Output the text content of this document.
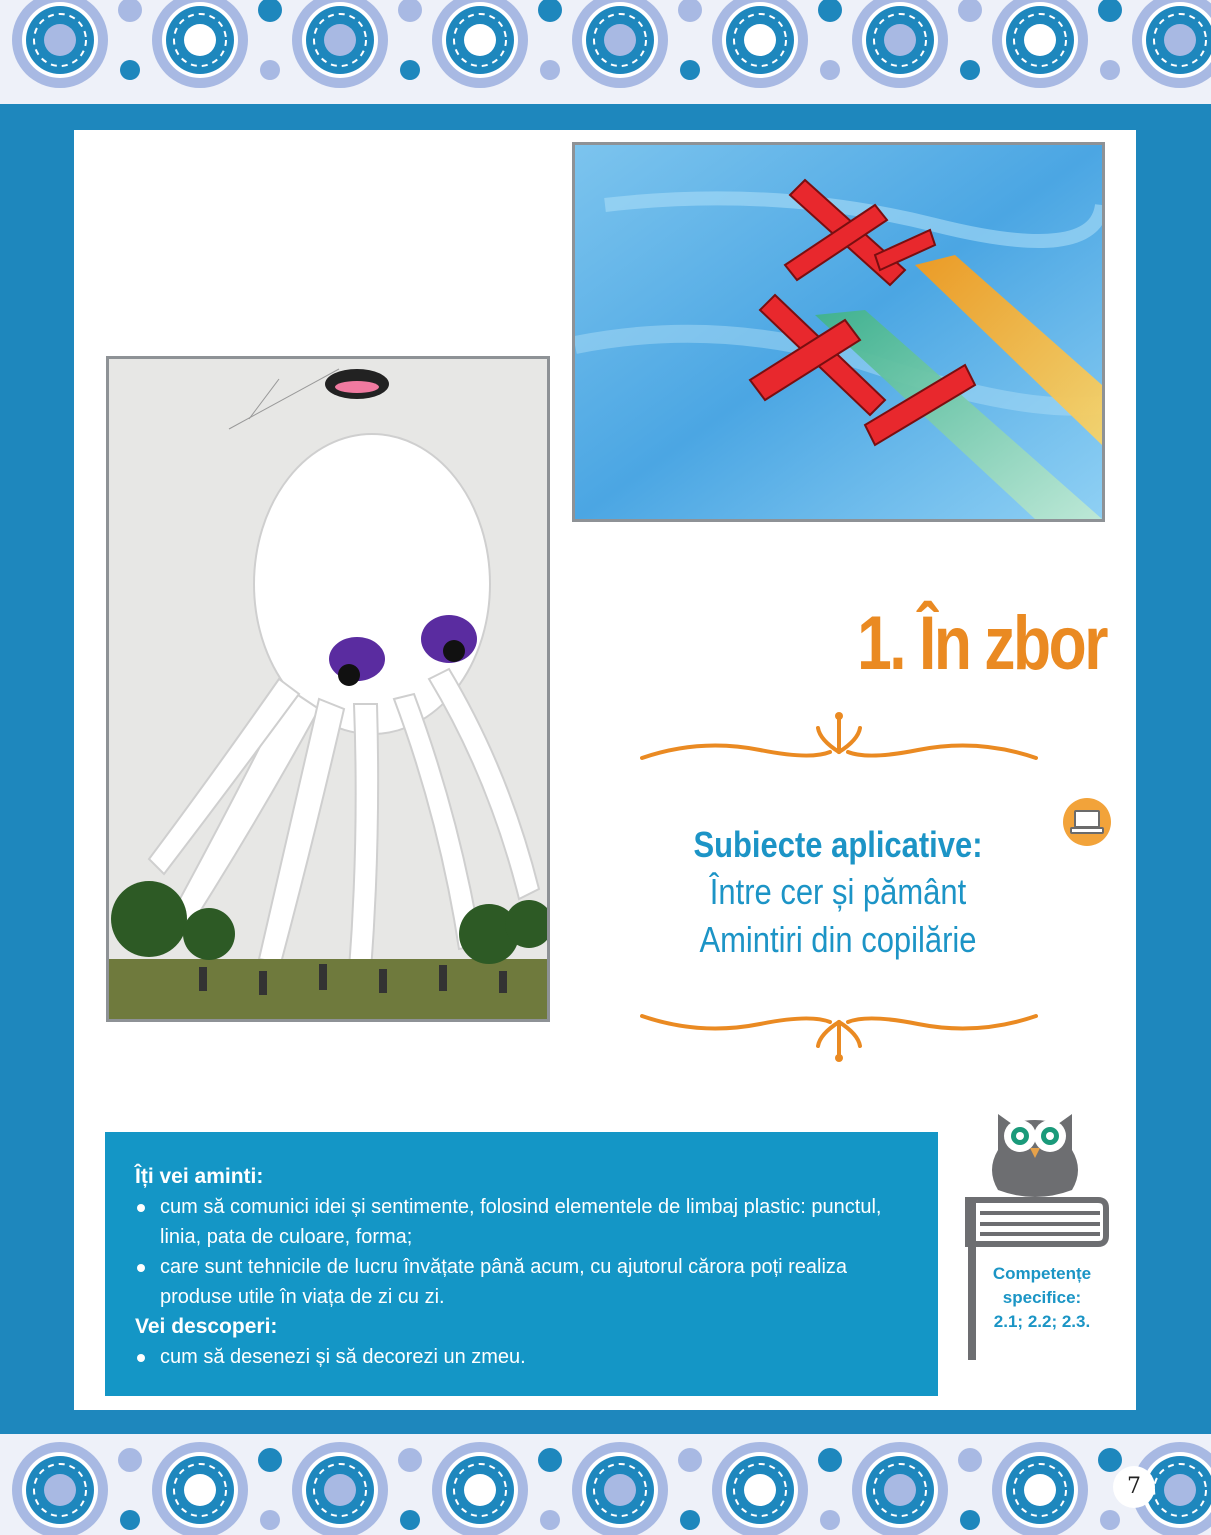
1. În zbor
Subiecte aplicative:
Între cer și pământ
Amintiri din copilărie
Îți vei aminti:
cum să comunici idei și sentimente, folosind elementele de limbaj plastic: punctul, linia, pata de culoare, forma;
care sunt tehnicile de lucru învățate până acum, cu ajutorul cărora poți realiza produse utile în viața de zi cu zi.
Vei descoperi:
cum să desenezi și să decorezi un zmeu.
Competențe
specifice:
2.1; 2.2; 2.3.
7
